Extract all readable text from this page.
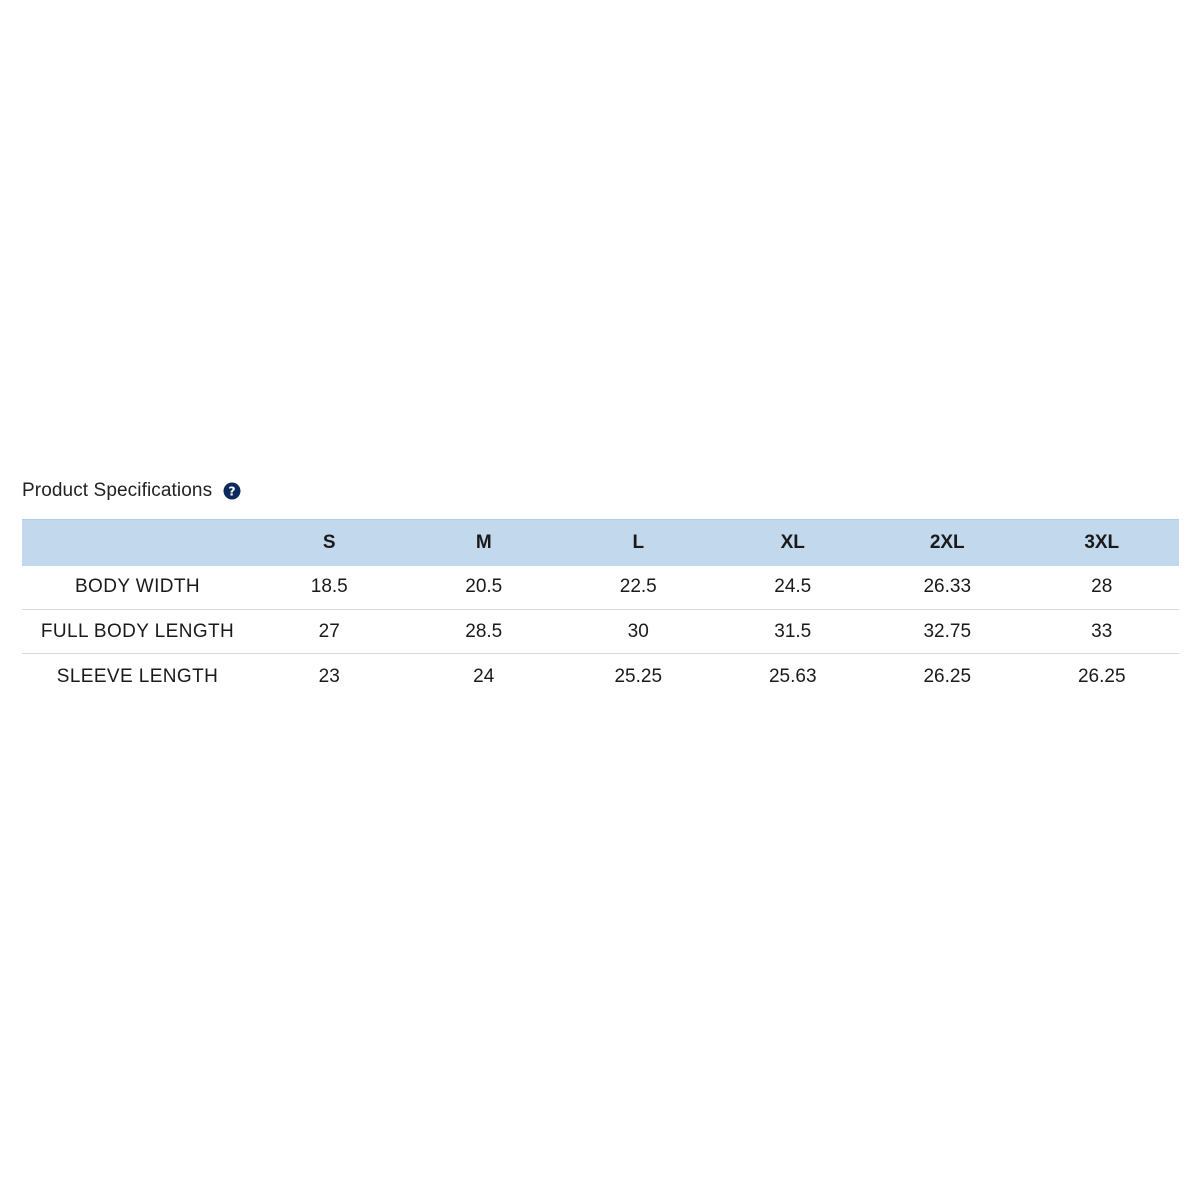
Product Specifications ?
	S	M	L	XL	2XL	3XL
BODY WIDTH	18.5	20.5	22.5	24.5	26.33	28
FULL BODY LENGTH	27	28.5	30	31.5	32.75	33
SLEEVE LENGTH	23	24	25.25	25.63	26.25	26.25
